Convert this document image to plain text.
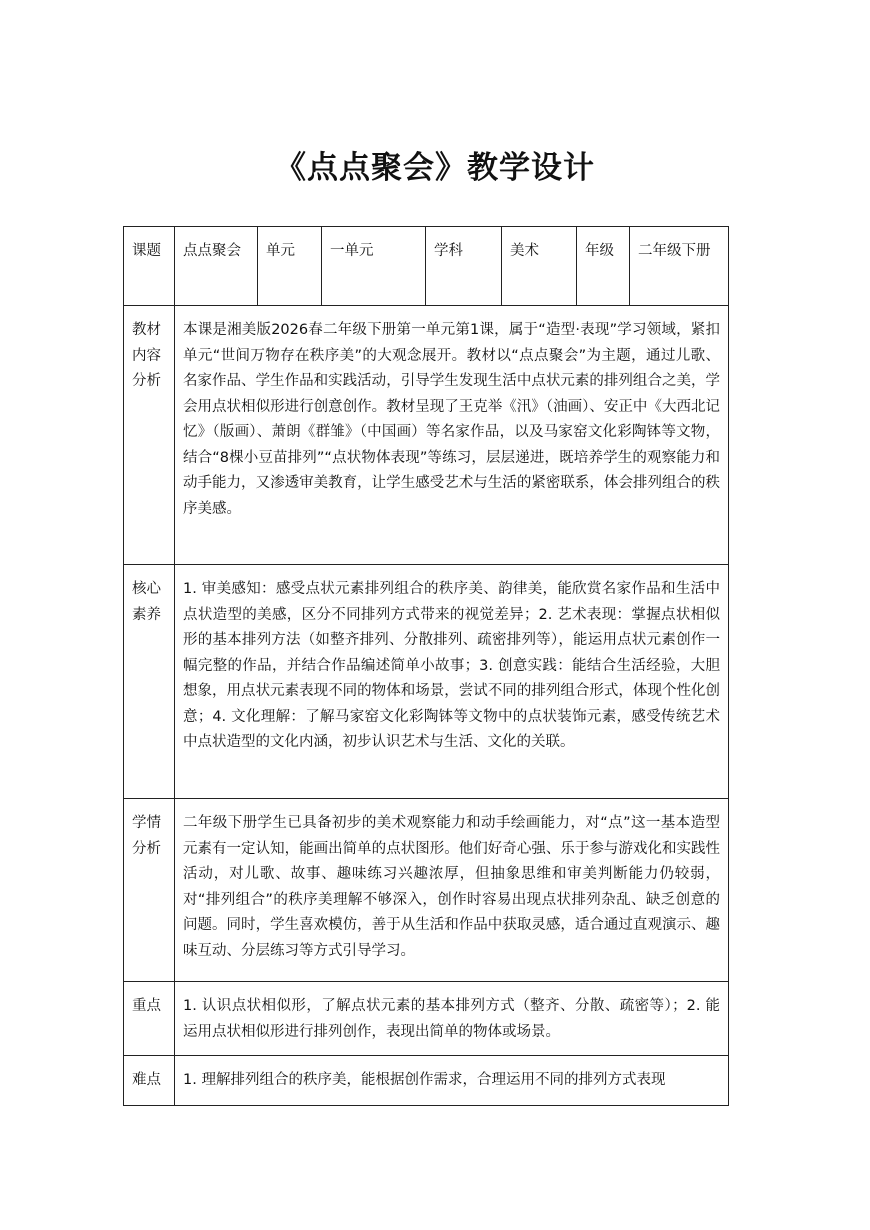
《点点聚会》教学设计
课题	点点聚会	单元	一单元	学科	美术	年级	二年级下册
教材内容分析	本课是湘美版2026春二年级下册第一单元第1课，属于“造型·表现”学习领域，紧扣单元“世间万物存在秩序美”的大观念展开。教材以“点点聚会”为主题，通过儿歌、名家作品、学生作品和实践活动，引导学生发现生活中点状元素的排列组合之美，学会用点状相似形进行创意创作。教材呈现了王克举《汛》（油画）、安正中《大西北记忆》（版画）、萧朗《群雏》（中国画）等名家作品，以及马家窑文化彩陶钵等文物，结合“8棵小豆苗排列”“点状物体表现”等练习，层层递进，既培养学生的观察能力和动手能力，又渗透审美教育，让学生感受艺术与生活的紧密联系，体会排列组合的秩序美感。						
核心素养	1. 审美感知：感受点状元素排列组合的秩序美、韵律美，能欣赏名家作品和生活中点状造型的美感，区分不同排列方式带来的视觉差异；2. 艺术表现：掌握点状相似形的基本排列方法（如整齐排列、分散排列、疏密排列等），能运用点状元素创作一幅完整的作品，并结合作品编述简单小故事；3. 创意实践：能结合生活经验，大胆想象，用点状元素表现不同的物体和场景，尝试不同的排列组合形式，体现个性化创意；4. 文化理解：了解马家窑文化彩陶钵等文物中的点状装饰元素，感受传统艺术中点状造型的文化内涵，初步认识艺术与生活、文化的关联。						
学情分析	二年级下册学生已具备初步的美术观察能力和动手绘画能力，对“点”这一基本造型元素有一定认知，能画出简单的点状图形。他们好奇心强、乐于参与游戏化和实践性活动，对儿歌、故事、趣味练习兴趣浓厚，但抽象思维和审美判断能力仍较弱，对“排列组合”的秩序美理解不够深入，创作时容易出现点状排列杂乱、缺乏创意的问题。同时，学生喜欢模仿，善于从生活和作品中获取灵感，适合通过直观演示、趣味互动、分层练习等方式引导学习。						
重点	1. 认识点状相似形，了解点状元素的基本排列方式（整齐、分散、疏密等）；2. 能运用点状相似形进行排列创作，表现出简单的物体或场景。						
难点	1. 理解排列组合的秩序美，能根据创作需求，合理运用不同的排列方式表现						
